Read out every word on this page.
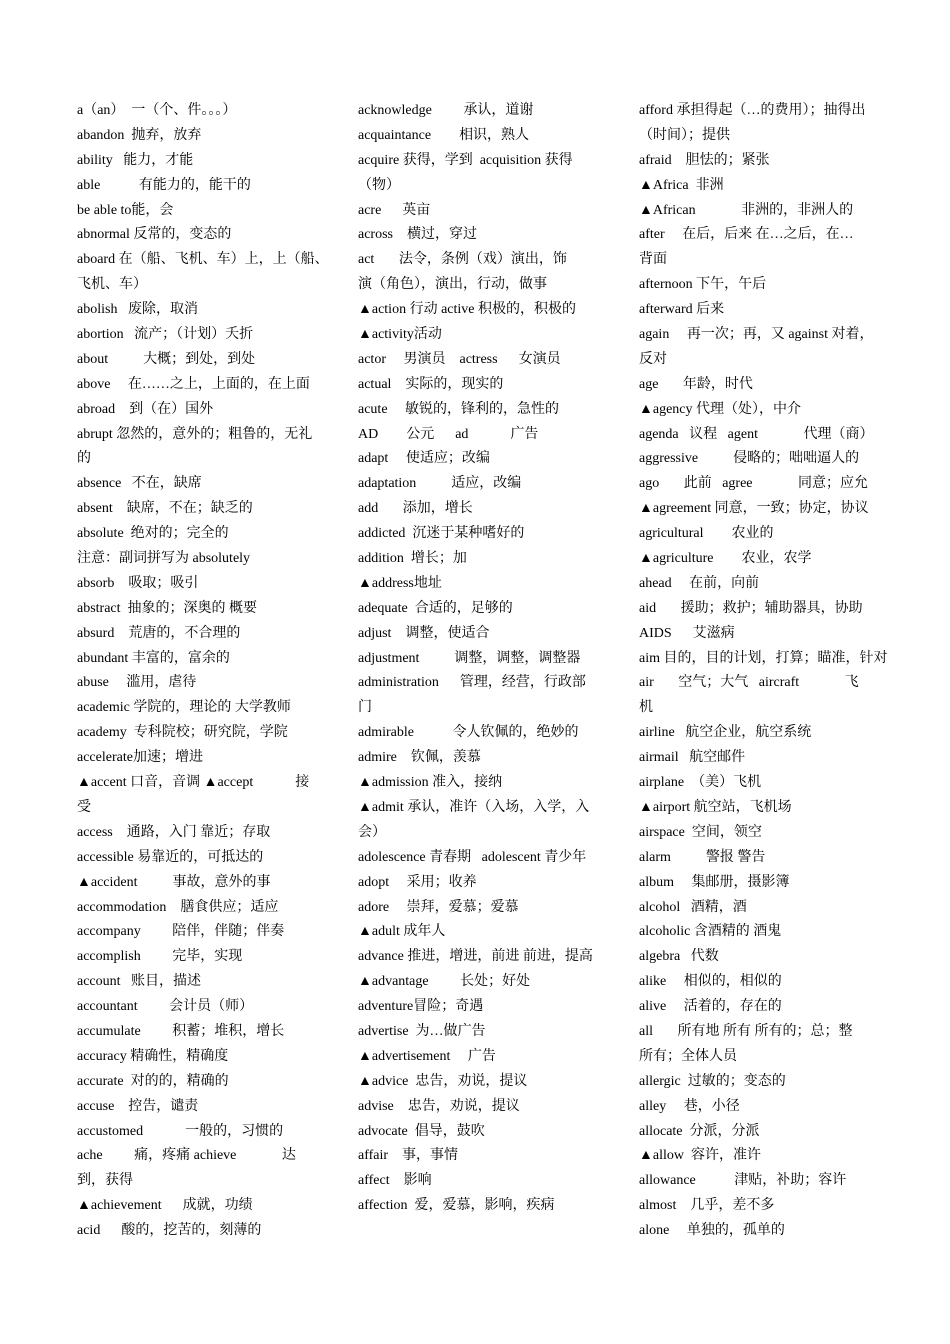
a（an）  一（个、件。。。）
abandon  抛弃，放弃
ability   能力，才能
able           有能力的，能干的
be able to能，会
abnormal 反常的，变态的
aboard 在（船、飞机、车）上，上（船、
飞机、车）
abolish   废除，取消
abortion   流产；（计划）夭折
about          大概；到处，到处
above     在……之上，上面的，在上面
abroad    到（在）国外
abrupt 忽然的，意外的；粗鲁的，无礼
的
absence   不在，缺席
absent    缺席，不在；缺乏的
absolute  绝对的；完全的
注意：副词拼写为 absolutely
absorb    吸取；吸引
abstract  抽象的；深奥的 概要
absurd    荒唐的，不合理的
abundant 丰富的，富余的
abuse     滥用，虐待
academic 学院的，理论的 大学教师
academy  专科院校；研究院，学院
accelerate加速；增进
▲accent 口音，音调 ▲accept            接
受
access    通路，入门 靠近；存取
accessible 易靠近的，可抵达的
▲accident          事故，意外的事
accommodation    膳食供应；适应
accompany         陪伴，伴随；伴奏
accomplish         完毕，实现
account   账目，描述
accountant         会计员（师）
accumulate         积蓄；堆积，增长
accuracy 精确性，精确度
accurate  对的的，精确的
accuse    控告，谴责
accustomed            一般的，习惯的
ache         痛，疼痛 achieve             达
到，获得
▲achievement      成就，功绩
acid      酸的，挖苦的，刻薄的
acknowledge         承认，道谢
acquaintance        相识，熟人
acquire 获得，学到  acquisition 获得
（物）
acre      英亩
across    横过，穿过
act       法令，条例（戏）演出，饰
演（角色），演出，行动，做事
▲action 行动 active 积极的，积极的
▲activity活动
actor     男演员    actress      女演员
actual    实际的，现实的
acute     敏锐的，锋利的，急性的
AD        公元      ad            广告
adapt     使适应；改编
adaptation          适应，改编
add       添加，增长
addicted  沉迷于某种嗜好的
addition  增长；加
▲address地址
adequate  合适的，足够的
adjust    调整，使适合
adjustment          调整，调整，调整器
administration      管理，经营，行政部
门
admirable           令人钦佩的，绝妙的
admire    钦佩，羡慕
▲admission 准入，接纳
▲admit 承认，准许（入场，入学，入
会）
adolescence 青春期   adolescent 青少年
adopt     采用；收养
adore     崇拜，爱慕；爱慕
▲adult 成年人
advance 推进，增进，前进 前进，提高
▲advantage         长处；好处
adventure冒险；奇遇
advertise  为…做广告
▲advertisement     广告
▲advice  忠告，劝说，提议
advise    忠告，劝说，提议
advocate  倡导，鼓吹
affair    事，事情
affect    影响
affection  爱，爱慕，影响，疾病
afford 承担得起（…的费用）；抽得出
（时间）；提供
afraid    胆怯的；紧张
▲Africa  非洲
▲African             非洲的，非洲人的
after     在后，后来 在…之后，在…
背面
afternoon 下午，午后
afterward 后来
again     再一次；再，又 against 对着，
反对
age       年龄，时代
▲agency 代理（处），中介
agenda   议程   agent             代理（商）
aggressive          侵略的；咄咄逼人的
ago       此前   agree             同意；应允
▲agreement 同意，一致；协定，协议
agricultural        农业的
▲agriculture        农业，农学
ahead     在前，向前
aid       援助；救护；辅助器具，协助
AIDS      艾滋病
aim 目的，目的计划，打算；瞄准，针对
air       空气；大气   aircraft             飞
机
airline   航空企业，航空系统
airmail   航空邮件
airplane  （美）飞机
▲airport 航空站，飞机场
airspace  空间，领空
alarm          警报 警告
album     集邮册，摄影簿
alcohol   酒精，酒
alcoholic 含酒精的 酒鬼
algebra   代数
alike     相似的，相似的
alive     活着的，存在的
all       所有地 所有 所有的；总；整
所有；全体人员
allergic  过敏的；变态的
alley     巷，小径
allocate  分派，分派
▲allow  容许，准许
allowance           津贴，补助；容许
almost    几乎，差不多
alone     单独的，孤单的
